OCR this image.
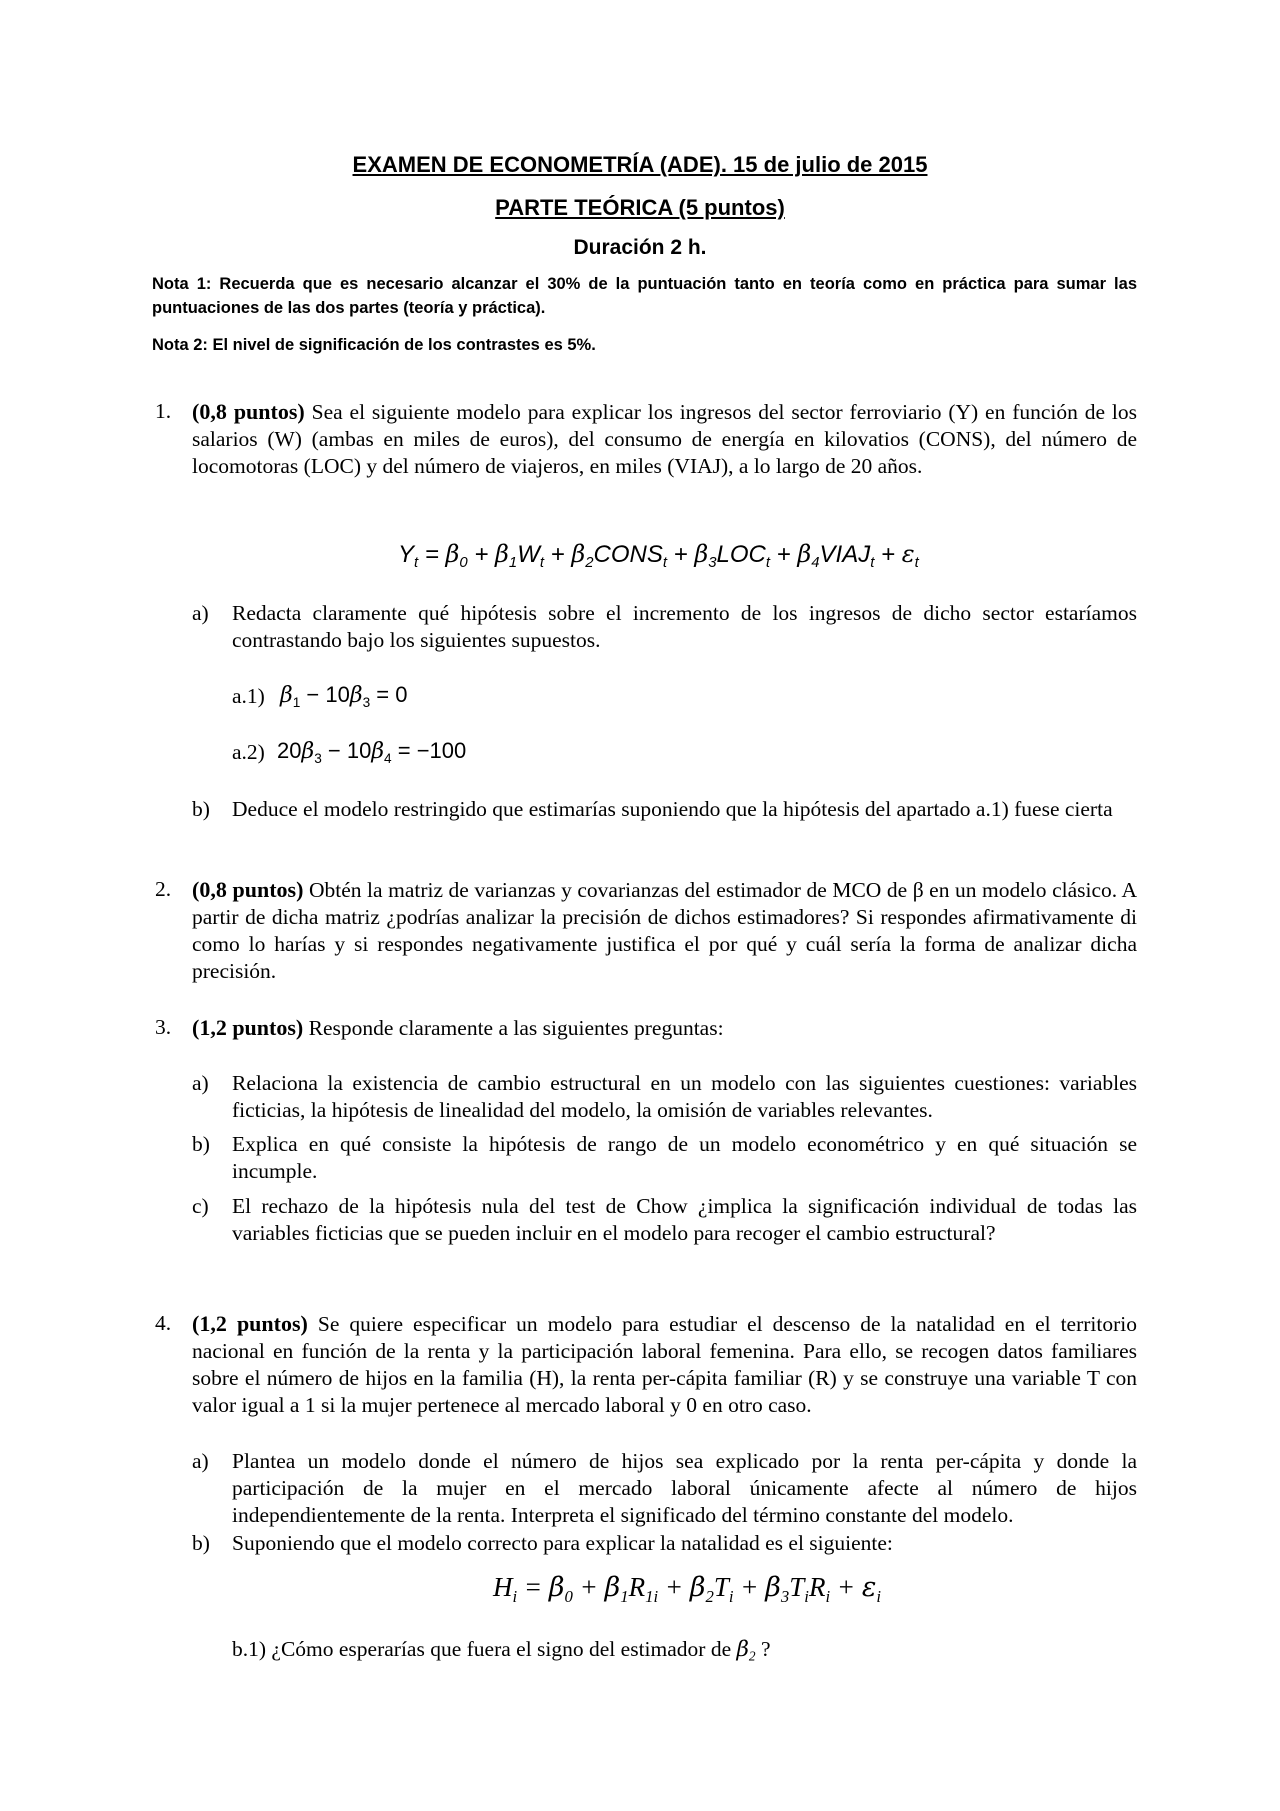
EXAMEN DE ECONOMETRÍA (ADE). 15 de julio de 2015
PARTE TEÓRICA (5 puntos)
Duración 2 h.
Nota 1: Recuerda que es necesario alcanzar el 30% de la puntuación tanto en teoría como en práctica para sumar las puntuaciones de las dos partes (teoría y práctica).
Nota 2: El nivel de significación de los contrastes es 5%.
1. (0,8 puntos) Sea el siguiente modelo para explicar los ingresos del sector ferroviario (Y) en función de los salarios (W) (ambas en miles de euros), del consumo de energía en kilovatios (CONS), del número de locomotoras (LOC) y del número de viajeros, en miles (VIAJ), a lo largo de 20 años.
$Y_t = \beta_0 + \beta_1W_t$ + $\beta_2CONS_t + \beta_3LOC_t$ + $\beta_4VIAJ_t + \varepsilon_t$
a) Redacta claramente qué hipótesis sobre el incremento de los ingresos de dicho sector estaríamos contrastando bajo los siguientes supuestos.
a.1) $\beta_1 - 10\beta_3 = 0$
a.2) $20\beta_3 - 10\beta_4 = -100$
b) Deduce el modelo restringido que estimarías suponiendo que la hipótesis del apartado a.1) fuese cierta
2. (0,8 puntos) Obtén la matriz de varianzas y covarianzas del estimador de MCO de β en un modelo clásico. A partir de dicha matriz ¿podrías analizar la precisión de dichos estimadores? Si respondes afirmativamente di como lo harías y si respondes negativamente justifica el por qué y cuál sería la forma de analizar dicha precisión.
3. (1,2 puntos) Responde claramente a las siguientes preguntas:
a) Relaciona la existencia de cambio estructural en un modelo con las siguientes cuestiones: variables ficticias, la hipótesis de linealidad del modelo, la omisión de variables relevantes.
b) Explica en qué consiste la hipótesis de rango de un modelo econométrico y en qué situación se incumple.
c) El rechazo de la hipótesis nula del test de Chow ¿implica la significación individual de todas las variables ficticias que se pueden incluir en el modelo para recoger el cambio estructural?
4. (1,2 puntos) Se quiere especificar un modelo para estudiar el descenso de la natalidad en el territorio nacional en función de la renta y la participación laboral femenina. Para ello, se recogen datos familiares sobre el número de hijos en la familia (H), la renta per-cápita familiar (R) y se construye una variable T con valor igual a 1 si la mujer pertenece al mercado laboral y 0 en otro caso.
a) Plantea un modelo donde el número de hijos sea explicado por la renta per-cápita y donde la participación de la mujer en el mercado laboral únicamente afecte al número de hijos independientemente de la renta. Interpreta el significado del término constante del modelo.
b) Suponiendo que el modelo correcto para explicar la natalidad es el siguiente:
$H_i = \beta_0 + \beta_1R_{1i} + \beta_2T_i + \beta_3T_iR_i + \varepsilon_i$
b.1) ¿Cómo esperarías que fuera el signo del estimador de $\beta_2$ ?
